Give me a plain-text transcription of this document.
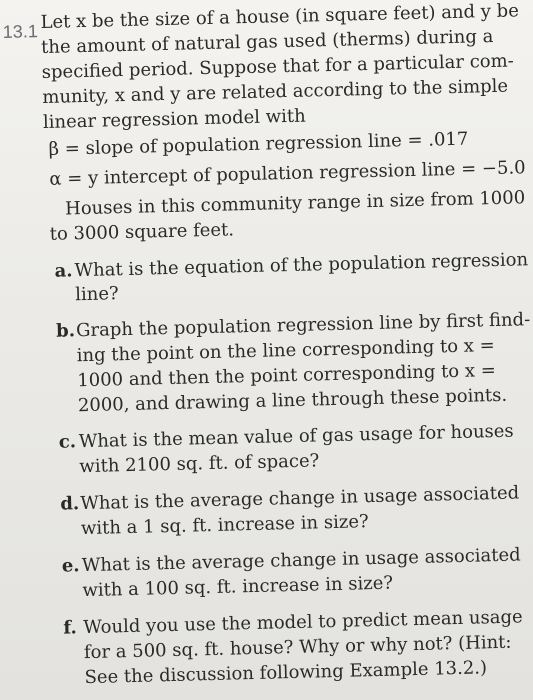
13.1 Let x be the size of a house (in square feet) and y be
the amount of natural gas used (therms) during a
specified period. Suppose that for a particular com-
munity, x and y are related according to the simple
linear regression model with
β = slope of population regression line = .017
α = y intercept of population regression line = −5.0
Houses in this community range in size from 1000
to 3000 square feet.
a. What is the equation of the population regression
line?
b. Graph the population regression line by first find-
ing the point on the line corresponding to x =
1000 and then the point corresponding to x =
2000, and drawing a line through these points.
c. What is the mean value of gas usage for houses
with 2100 sq. ft. of space?
d. What is the average change in usage associated
with a 1 sq. ft. increase in size?
e. What is the average change in usage associated
with a 100 sq. ft. increase in size?
f. Would you use the model to predict mean usage
for a 500 sq. ft. house? Why or why not? (Hint:
See the discussion following Example 13.2.)
